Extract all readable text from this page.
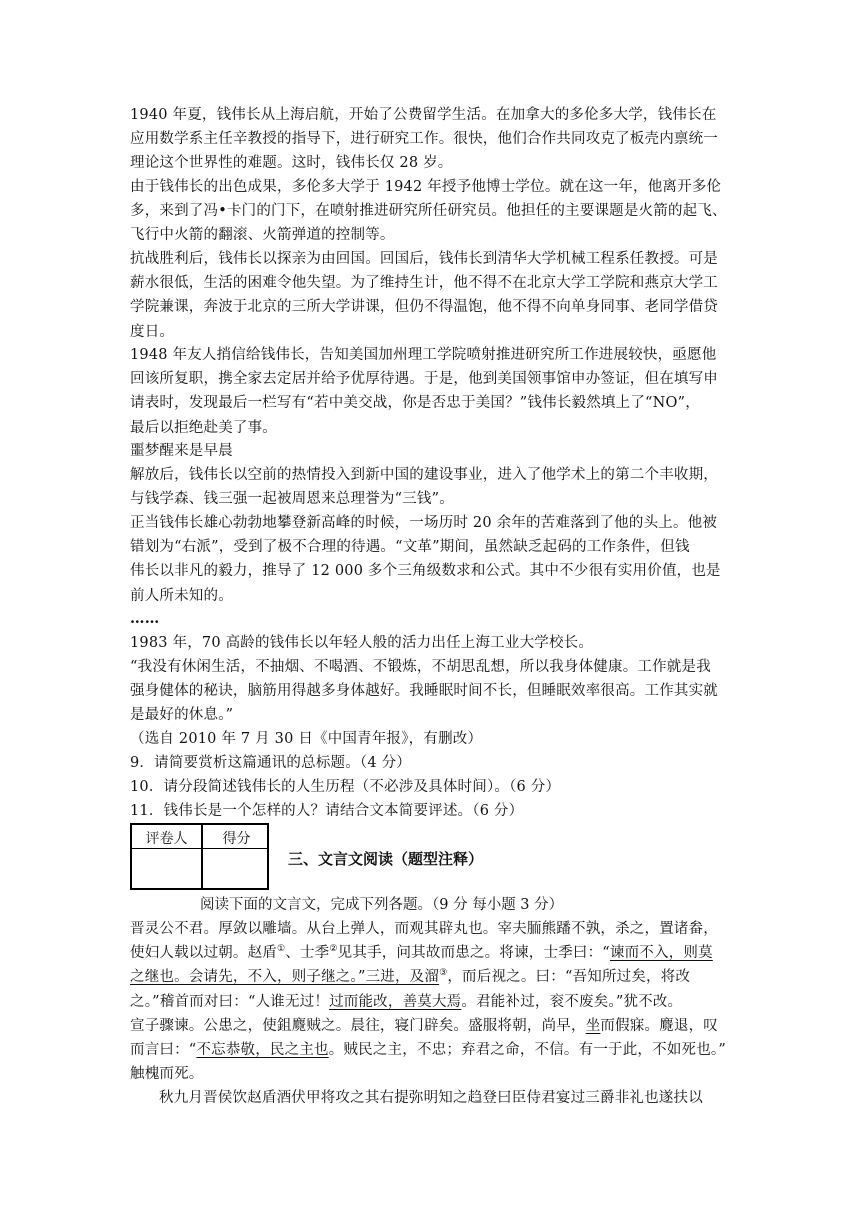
1940 年夏，钱伟长从上海启航，开始了公费留学生活。在加拿大的多伦多大学，钱伟长在
应用数学系主任辛教授的指导下，进行研究工作。很快，他们合作共同攻克了板壳内禀统一
理论这个世界性的难题。这时，钱伟长仅 28 岁。
由于钱伟长的出色成果，多伦多大学于 1942 年授予他博士学位。就在这一年，他离开多伦
多，来到了冯•卡门的门下，在喷射推进研究所任研究员。他担任的主要课题是火箭的起飞、
飞行中火箭的翻滚、火箭弹道的控制等。
抗战胜利后，钱伟长以探亲为由回国。回国后，钱伟长到清华大学机械工程系任教授。可是
薪水很低，生活的困难令他失望。为了维持生计，他不得不在北京大学工学院和燕京大学工
学院兼课，奔波于北京的三所大学讲课，但仍不得温饱，他不得不向单身同事、老同学借贷
度日。
1948 年友人捎信给钱伟长，告知美国加州理工学院喷射推进研究所工作进展较快，亟愿他
回该所复职，携全家去定居并给予优厚待遇。于是，他到美国领事馆申办签证，但在填写申
请表时，发现最后一栏写有“若中美交战，你是否忠于美国？”钱伟长毅然填上了“NO”，
最后以拒绝赴美了事。
噩梦醒来是早晨
解放后，钱伟长以空前的热情投入到新中国的建设事业，进入了他学术上的第二个丰收期，
与钱学森、钱三强一起被周恩来总理誉为“三钱”。
正当钱伟长雄心勃勃地攀登新高峰的时候，一场历时 20 余年的苦难落到了他的头上。他被
错划为“右派”，受到了极不合理的待遇。“文革”期间，虽然缺乏起码的工作条件，但钱
伟长以非凡的毅力，推导了 12 000 多个三角级数求和公式。其中不少很有实用价值，也是
前人所未知的。
……
1983 年，70 高龄的钱伟长以年轻人般的活力出任上海工业大学校长。
“我没有休闲生活，不抽烟、不喝酒、不锻炼，不胡思乱想，所以我身体健康。工作就是我
强身健体的秘诀，脑筋用得越多身体越好。我睡眠时间不长，但睡眠效率很高。工作其实就
是最好的休息。”
（选自 2010 年 7 月 30 日《中国青年报》，有删改）
9．请简要赏析这篇通讯的总标题。（4 分）
10．请分段简述钱伟长的人生历程（不必涉及具体时间）。（6 分）
11．钱伟长是一个怎样的人？请结合文本简要评述。（6 分）
评卷人	得分
三、文言文阅读（题型注释）
阅读下面的文言文，完成下列各题。（9 分 每小题 3 分）
晋灵公不君。厚敛以雕墙。从台上弹人，而观其辟丸也。宰夫胹熊蹯不孰，杀之，置诸畚，
使妇人载以过朝。赵盾①、士季②见其手，问其故而患之。将谏，士季曰：“谏而不入，则莫
之继也。会请先，不入，则子继之。”三进，及溜③，而后视之。曰：“吾知所过矣，将改
之。”稽首而对曰：“人谁无过！过而能改，善莫大焉。君能补过，衮不废矣。”犹不改。
宣子骤谏。公患之，使鉏麑贼之。晨往，寝门辟矣。盛服将朝，尚早，坐而假寐。麑退，叹
而言曰：“不忘恭敬，民之主也。贼民之主，不忠；弃君之命，不信。有一于此，不如死也。”
触槐而死。
秋九月晋侯饮赵盾酒伏甲将攻之其右提弥明知之趋登曰臣侍君宴过三爵非礼也遂扶以
